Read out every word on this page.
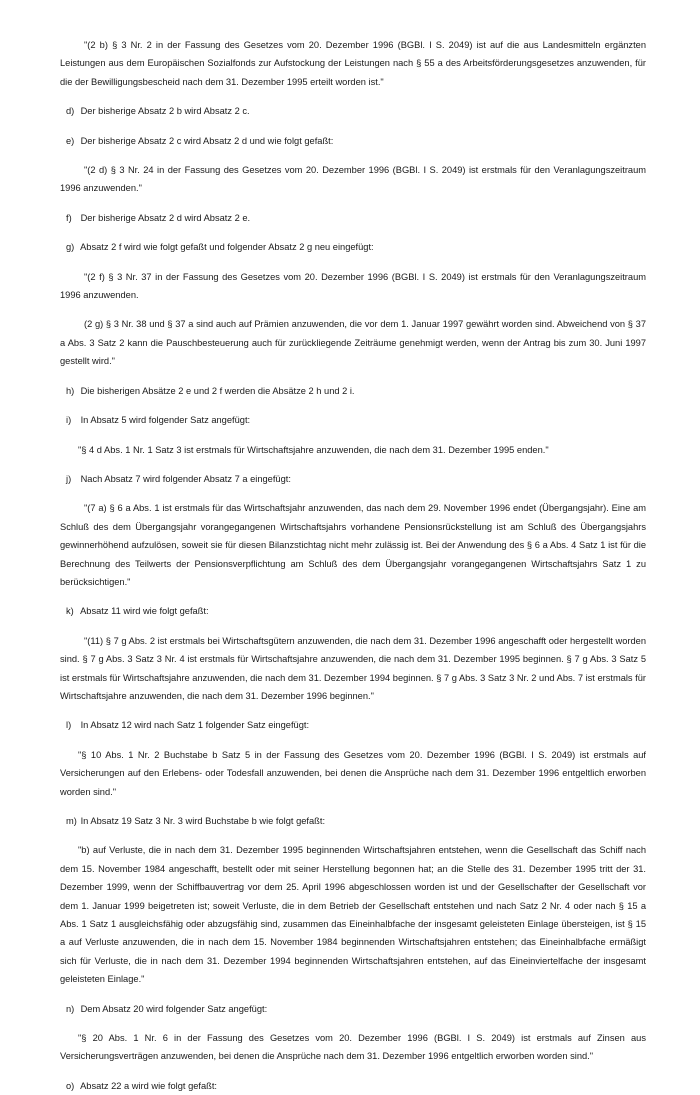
"(2 b) § 3 Nr. 2 in der Fassung des Gesetzes vom 20. Dezember 1996 (BGBl. I S. 2049) ist auf die aus Landesmitteln ergänzten Leistungen aus dem Europäischen Sozialfonds zur Aufstockung der Leistungen nach § 55 a des Arbeitsförderungsgesetzes anzuwenden, für die der Bewilligungsbescheid nach dem 31. Dezember 1995 erteilt worden ist."

d) Der bisherige Absatz 2 b wird Absatz 2 c.

e) Der bisherige Absatz 2 c wird Absatz 2 d und wie folgt gefaßt:

"(2 d) § 3 Nr. 24 in der Fassung des Gesetzes vom 20. Dezember 1996 (BGBl. I S. 2049) ist erstmals für den Veranlagungszeitraum 1996 anzuwenden."

f) Der bisherige Absatz 2 d wird Absatz 2 e.

g) Absatz 2 f wird wie folgt gefaßt und folgender Absatz 2 g neu eingefügt:

"(2 f) § 3 Nr. 37 in der Fassung des Gesetzes vom 20. Dezember 1996 (BGBl. I S. 2049) ist erstmals für den Veranlagungszeitraum 1996 anzuwenden.

(2 g) § 3 Nr. 38 und § 37 a sind auch auf Prämien anzuwenden, die vor dem 1. Januar 1997 gewährt worden sind. Abweichend von § 37 a Abs. 3 Satz 2 kann die Pauschbesteuerung auch für zurückliegende Zeiträume genehmigt werden, wenn der Antrag bis zum 30. Juni 1997 gestellt wird."

h) Die bisherigen Absätze 2 e und 2 f werden die Absätze 2 h und 2 i.

i) In Absatz 5 wird folgender Satz angefügt:

"§ 4 d Abs. 1 Nr. 1 Satz 3 ist erstmals für Wirtschaftsjahre anzuwenden, die nach dem 31. Dezember 1995 enden."

j) Nach Absatz 7 wird folgender Absatz 7 a eingefügt:

"(7 a) § 6 a Abs. 1 ist erstmals für das Wirtschaftsjahr anzuwenden, das nach dem 29. November 1996 endet (Übergangsjahr). Eine am Schluß des dem Übergangsjahr vorangegangenen Wirtschaftsjahrs vorhandene Pensionsrückstellung ist am Schluß des Übergangsjahrs gewinnerhöhend aufzulösen, soweit sie für diesen Bilanzstichtag nicht mehr zulässig ist. Bei der Anwendung des § 6 a Abs. 4 Satz 1 ist für die Berechnung des Teilwerts der Pensionsverpflichtung am Schluß des dem Übergangsjahr vorangegangenen Wirtschaftsjahrs Satz 1 zu berücksichtigen."

k) Absatz 11 wird wie folgt gefaßt:

"(11) § 7 g Abs. 2 ist erstmals bei Wirtschaftsgütern anzuwenden, die nach dem 31. Dezember 1996 angeschafft oder hergestellt worden sind. § 7 g Abs. 3 Satz 3 Nr. 4 ist erstmals für Wirtschaftsjahre anzuwenden, die nach dem 31. Dezember 1995 beginnen. § 7 g Abs. 3 Satz 5 ist erstmals für Wirtschaftsjahre anzuwenden, die nach dem 31. Dezember 1994 beginnen. § 7 g Abs. 3 Satz 3 Nr. 2 und Abs. 7 ist erstmals für Wirtschaftsjahre anzuwenden, die nach dem 31. Dezember 1996 beginnen."

l) In Absatz 12 wird nach Satz 1 folgender Satz eingefügt:

"§ 10 Abs. 1 Nr. 2 Buchstabe b Satz 5 in der Fassung des Gesetzes vom 20. Dezember 1996 (BGBl. I S. 2049) ist erstmals auf Versicherungen auf den Erlebens- oder Todesfall anzuwenden, bei denen die Ansprüche nach dem 31. Dezember 1996 entgeltlich erworben worden sind."

m) In Absatz 19 Satz 3 Nr. 3 wird Buchstabe b wie folgt gefaßt:

"b) auf Verluste, die in nach dem 31. Dezember 1995 beginnenden Wirtschaftsjahren entstehen, wenn die Gesellschaft das Schiff nach dem 15. November 1984 angeschafft, bestellt oder mit seiner Herstellung begonnen hat; an die Stelle des 31. Dezember 1995 tritt der 31. Dezember 1999, wenn der Schiffbauvertrag vor dem 25. April 1996 abgeschlossen worden ist und der Gesellschafter der Gesellschaft vor dem 1. Januar 1999 beigetreten ist; soweit Verluste, die in dem Betrieb der Gesellschaft entstehen und nach Satz 2 Nr. 4 oder nach § 15 a Abs. 1 Satz 1 ausgleichsfähig oder abzugsfähig sind, zusammen das Eineinhalbfache der insgesamt geleisteten Einlage übersteigen, ist § 15 a auf Verluste anzuwenden, die in nach dem 15. November 1984 beginnenden Wirtschaftsjahren entstehen; das Eineinhalbfache ermäßigt sich für Verluste, die in nach dem 31. Dezember 1994 beginnenden Wirtschaftsjahren entstehen, auf das Eineinviertelfache der insgesamt geleisteten Einlage."

n) Dem Absatz 20 wird folgender Satz angefügt:

"§ 20 Abs. 1 Nr. 6 in der Fassung des Gesetzes vom 20. Dezember 1996 (BGBl. I S. 2049) ist erstmals auf Zinsen aus Versicherungsverträgen anzuwenden, bei denen die Ansprüche nach dem 31. Dezember 1996 entgeltlich erworben worden sind."

o) Absatz 22 a wird wie folgt gefaßt:
